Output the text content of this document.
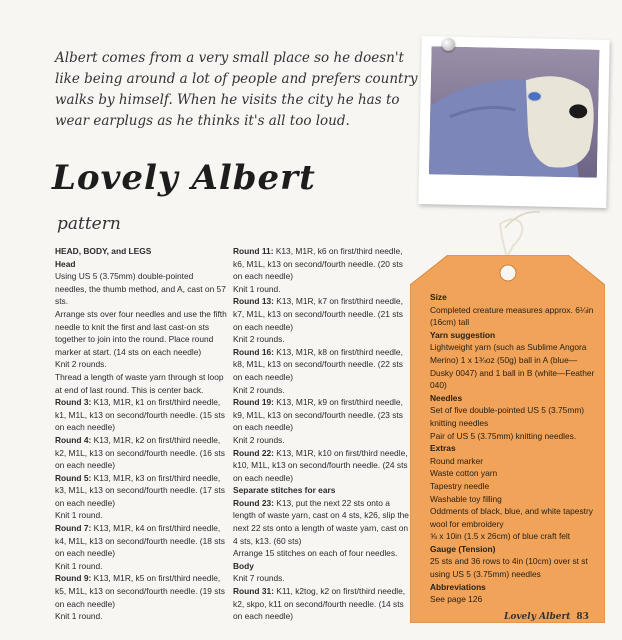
Albert comes from a very small place so he doesn't like being around a lot of people and prefers country walks by himself. When he visits the city he has to wear earplugs as he thinks it's all too loud.
Lovely Albert
pattern

HEAD, BODY, and LEGS

Head

Using US 5 (3.75mm) double-pointed needles, the thumb method, and A, cast on 57 sts.

Arrange sts over four needles and use the fifth needle to knit the first and last cast-on sts together to join into the round. Place round marker at start. (14 sts on each needle)

Knit 2 rounds.

Thread a length of waste yarn through st loop at end of last round. This is center back.

Round 3: K13, M1R, k1 on first/third needle, k1, M1L, k13 on second/fourth needle. (15 sts on each needle)

Round 4: K13, M1R, k2 on first/third needle, k2, M1L, k13 on second/fourth needle. (16 sts on each needle)

Round 5: K13, M1R, k3 on first/third needle, k3, M1L, k13 on second/fourth needle. (17 sts on each needle)

Knit 1 round.

Round 7: K13, M1R, k4 on first/third needle, k4, M1L, k13 on second/fourth needle. (18 sts on each needle)

Knit 1 round.

Round 9: K13, M1R, k5 on first/third needle, k5, M1L, k13 on second/fourth needle. (19 sts on each needle)

Knit 1 round.

Round 11: K13, M1R, k6 on first/third needle, k6, M1L, k13 on second/fourth needle. (20 sts on each needle)

Knit 1 round.

Round 13: K13, M1R, k7 on first/third needle, k7, M1L, k13 on second/fourth needle. (21 sts on each needle)

Knit 2 rounds.

Round 16: K13, M1R, k8 on first/third needle, k8, M1L, k13 on second/fourth needle. (22 sts on each needle)

Knit 2 rounds.

Round 19: K13, M1R, k9 on first/third needle, k9, M1L, k13 on second/fourth needle. (23 sts on each needle)

Knit 2 rounds.

Round 22: K13, M1R, k10 on first/third needle, k10, M1L, k13 on second/fourth needle. (24 sts on each needle)

Separate stitches for ears

Round 23: K13, put the next 22 sts onto a length of waste yarn, cast on 4 sts, k26, slip the next 22 sts onto a length of waste yarn, cast on 4 sts, k13. (60 sts)

Arrange 15 stitches on each of four needles.

Body

Knit 7 rounds.

Round 31: K11, k2tog, k2 on first/third needle, k2, skpo, k11 on second/fourth needle. (14 sts on each needle)

Size

Completed creature measures approx. 6¼in (16cm) tall

Yarn suggestion

Lightweight yarn (such as Sublime Angora Merino) 1 x 1¾oz (50g) ball in A (blue—Dusky 0047) and 1 ball in B (white—Feather 040)

Needles

Set of five double-pointed US 5 (3.75mm) knitting needles

Pair of US 5 (3.75mm) knitting needles.

Extras

Round marker

Waste cotton yarn

Tapestry needle

Washable toy filling

Oddments of black, blue, and white tapestry wool for embroidery

⅝ x 10in (1.5 x 26cm) of blue craft felt

Gauge (Tension)

25 sts and 36 rows to 4in (10cm) over st st using US 5 (3.75mm) needles

Abbreviations

See page 126

Lovely Albert 83
